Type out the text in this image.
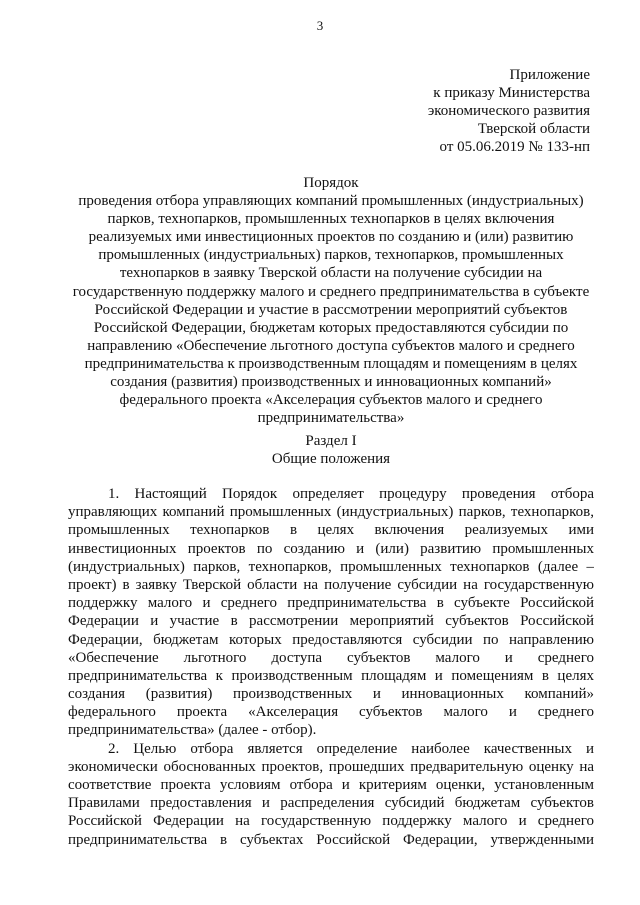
3
Приложение
к приказу Министерства
экономического развития
Тверской области
от 05.06.2019 № 133-нп
Порядок
проведения отбора управляющих компаний промышленных (индустриальных)
парков, технопарков, промышленных технопарков в целях включения
реализуемых ими инвестиционных проектов по созданию и (или) развитию
промышленных (индустриальных) парков, технопарков, промышленных
технопарков в заявку Тверской области на получение субсидии на
государственную поддержку малого и среднего предпринимательства в субъекте
Российской Федерации и участие в рассмотрении мероприятий субъектов
Российской Федерации, бюджетам которых предоставляются субсидии по
направлению «Обеспечение льготного доступа субъектов малого и среднего
предпринимательства к производственным площадям и помещениям в целях
создания (развития) производственных и инновационных компаний»
федерального проекта «Акселерация субъектов малого и среднего
предпринимательства»
Раздел I
Общие положения
1. Настоящий Порядок определяет процедуру проведения отбора
управляющих компаний промышленных (индустриальных) парков, технопарков,
промышленных технопарков в целях включения реализуемых ими
инвестиционных проектов по созданию и (или) развитию промышленных
(индустриальных) парков, технопарков, промышленных технопарков (далее –
проект) в заявку Тверской области на получение субсидии на государственную
поддержку малого и среднего предпринимательства в субъекте Российской
Федерации и участие в рассмотрении мероприятий субъектов Российской
Федерации, бюджетам которых предоставляются субсидии по направлению
«Обеспечение льготного доступа субъектов малого и среднего
предпринимательства к производственным площадям и помещениям в целях
создания (развития) производственных и инновационных компаний»
федерального проекта «Акселерация субъектов малого и среднего
предпринимательства» (далее - отбор).
2. Целью отбора является определение наиболее качественных и
экономически обоснованных проектов, прошедших предварительную оценку на
соответствие проекта условиям отбора и критериям оценки, установленным
Правилами предоставления и распределения субсидий бюджетам субъектов
Российской Федерации на государственную поддержку малого и среднего
предпринимательства в субъектах Российской Федерации, утвержденными
